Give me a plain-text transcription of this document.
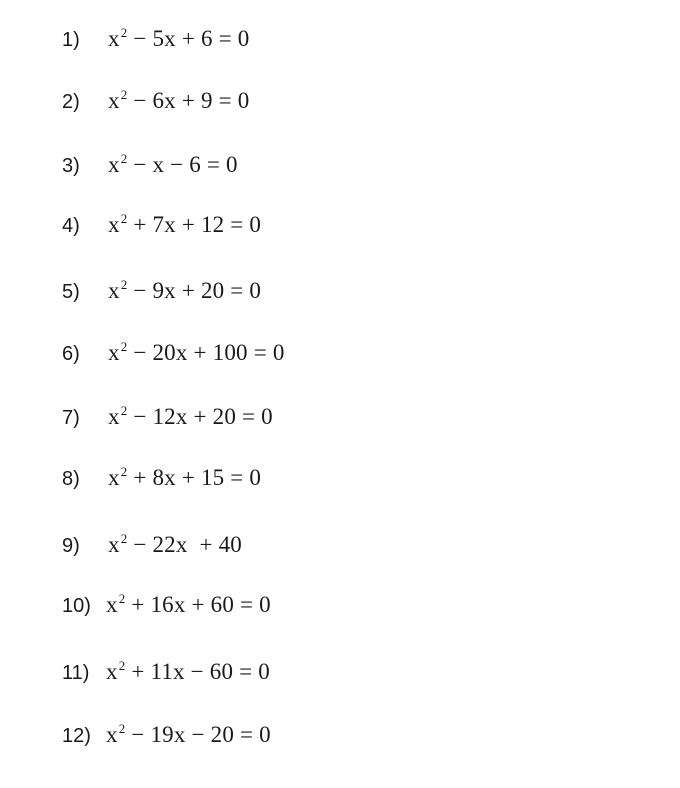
1)	$x^2 - 5x + 6 = 0$
2)	$x^2 - 6x + 9 = 0$
3)	$x^2 - x - 6 = 0$
4)	$x^2 + 7x + 12 = 0$
5)	$x^2 - 9x + 20 = 0$
6)	$x^2 - 20x + 100 = 0$
7)	$x^2 - 12x + 20 = 0$
8)	$x^2 + 8x + 15 = 0$
9)	$x^2 - 22x + 40$
10) $x^2 + 16x + 60 = 0$
11) $x^2 + 11x - 60 = 0$
12) $x^2 - 19x - 20 = 0$
